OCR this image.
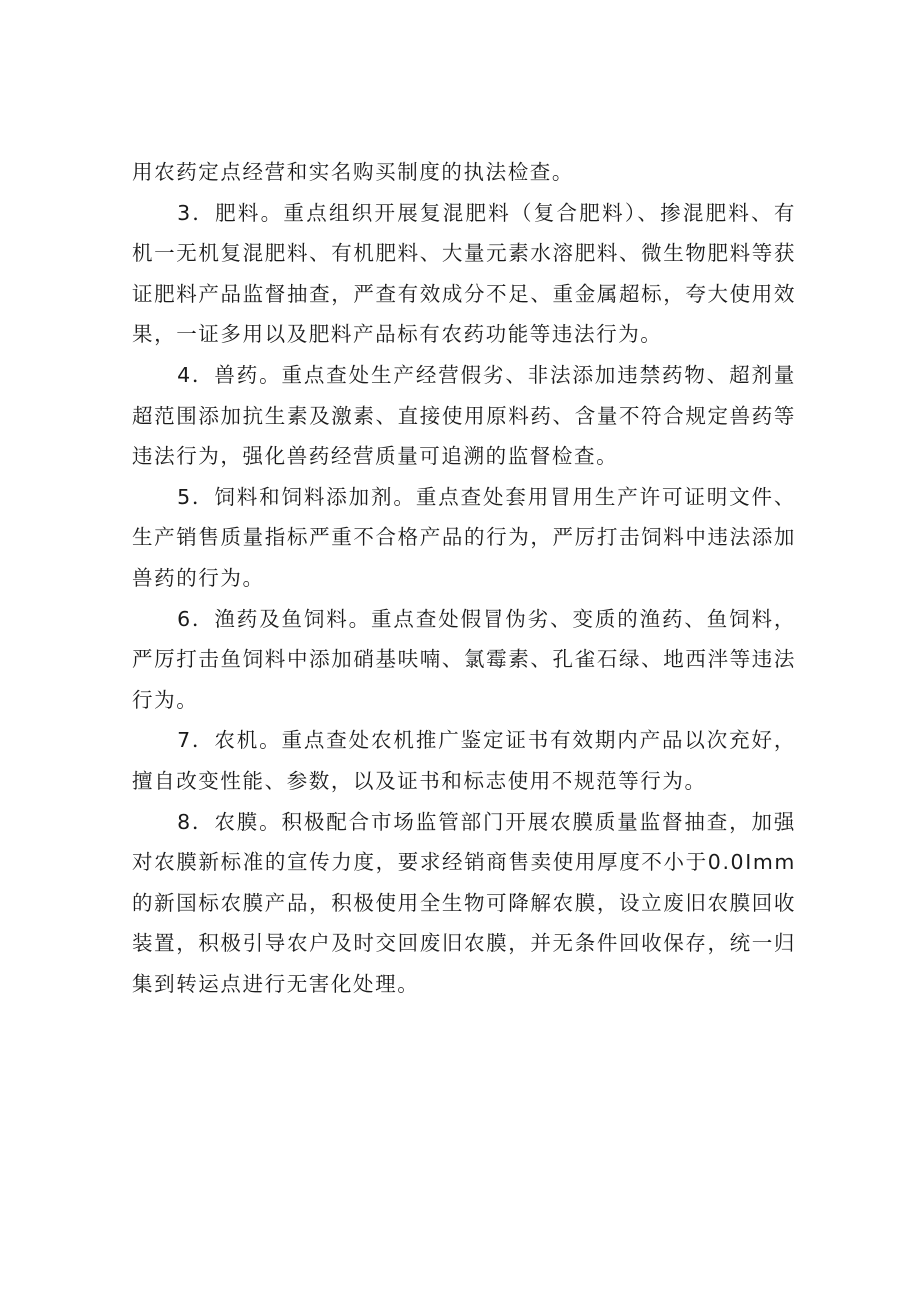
用农药定点经营和实名购买制度的执法检查。

3．肥料。重点组织开展复混肥料（复合肥料）、掺混肥料、有机一无机复混肥料、有机肥料、大量元素水溶肥料、微生物肥料等获证肥料产品监督抽查，严查有效成分不足、重金属超标，夸大使用效果，一证多用以及肥料产品标有农药功能等违法行为。

4．兽药。重点查处生产经营假劣、非法添加违禁药物、超剂量超范围添加抗生素及激素、直接使用原料药、含量不符合规定兽药等违法行为，强化兽药经营质量可追溯的监督检查。

5．饲料和饲料添加剂。重点查处套用冒用生产许可证明文件、生产销售质量指标严重不合格产品的行为，严厉打击饲料中违法添加兽药的行为。

6．渔药及鱼饲料。重点查处假冒伪劣、变质的渔药、鱼饲料，严厉打击鱼饲料中添加硝基呋喃、氯霉素、孔雀石绿、地西泮等违法行为。

7．农机。重点查处农机推广鉴定证书有效期内产品以次充好，擅自改变性能、参数，以及证书和标志使用不规范等行为。

8．农膜。积极配合市场监管部门开展农膜质量监督抽查，加强对农膜新标准的宣传力度，要求经销商售卖使用厚度不小于0.0Imm的新国标农膜产品，积极使用全生物可降解农膜，设立废旧农膜回收装置，积极引导农户及时交回废旧农膜，并无条件回收保存，统一归集到转运点进行无害化处理。
